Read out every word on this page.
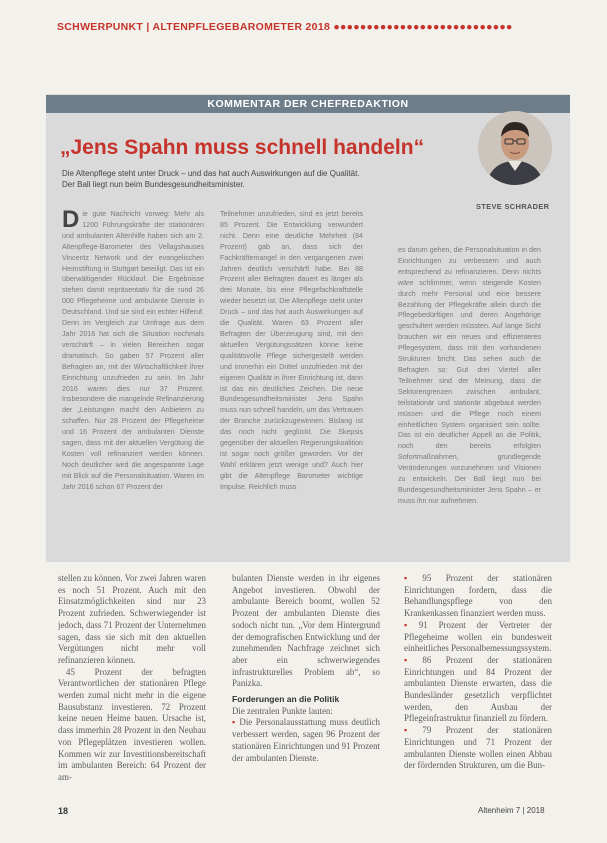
SCHWERPUNKT | ALTENPFLEGEBAROMETER 2018 ●●●●●●●●●●●●●●●●●●●●●●●●●●●
KOMMENTAR DER CHEFREDAKTION
„Jens Spahn muss schnell handeln“
Die Altenpflege steht unter Druck – und das hat auch Auswirkungen auf die Qualität. Der Ball liegt nun beim Bundesgesundheitsminister.
STEVE SCHRADER

Die gute Nachricht vorweg: Mehr als 1200 Führungskräfte der stationären und ambulanten Altenhilfe haben sich am 2. Altenpflege-Barometer des Vellagshauses Vincentz Network und der evangelischen Heimstiftung in Stuttgart beteiligt. Das ist ein überwältigender Rücklauf. Die Ergebnisse stehen damit repräsentativ für die rund 26 000 Pflegeheime und ambulante Dienste in Deutschland. Und sie sind ein echter Hilferuf. Denn im Vergleich zur Umfrage aus dem Jahr 2016 hat sich die Situation nochmals verschärft – in vielen Bereichen sogar dramatisch. So gaben 57 Prozent aller Befragten an, mit der Wirtschaftlichkeit ihrer Einrichtung unzufrieden zu sein. Im Jahr 2016 waren dies nur 37 Prozent. Insbesondere die mangelnde Refinanzierung der „Leistungen macht den Anbietern zu schaffen. Nur 28 Prozent der Pflegeheime und 16 Prozent der ambulanten Dienste sagen, dass mit der aktuellen Vergütung die Kosten voll refinanziert werden können. Noch deutlicher wird die angespannte Lage mit Blick auf die Personalsituation. Waren im Jahr 2016 schon 67 Prozent der

Teilnehmer unzufrieden, sind es jetzt bereits 85 Prozent. Die Entwicklung verwundert nicht. Denn eine deutliche Mehrheit (84 Prozent) gab an, dass sich der Fachkräftemangel in den vergangenen zwei Jahren deutlich verschärft habe. Bei 88 Prozent aller Befragten dauert es länger als drei Monate, bis eine Pflegefachkraftstelle wieder besetzt ist. Die Altenpflege steht unter Druck – und das hat auch Auswirkungen auf die Qualität. Waren 63 Prozent aller Befragten der Überzeugung sind, mit den aktuellen Vergütungssätzen könne keine qualitätsvolle Pflege sichergestellt werden und immerhin ein Drittel unzufrieden mit der eigenen Qualität in ihrer Einrichtung ist, dann ist das ein deutliches Zeichen. Die neue Bundesgesundheitsminister Jens Spahn muss nun schnell handeln, um das Vertrauen der Branche zurückzugewinnen. Bislang ist das noch nicht geglückt. Die Skepsis gegenüber der aktuellen Regierungskoalition ist sogar noch größer geworden. Vor der Wahl erklären jetzt wenige und? Auch hier gibt die Altenpflege Barometer wichtige Impulse. Reichlich muss

es darum gehen, die Personalsituation in den Einrichtungen zu verbessern und auch entsprechend zu refinanzieren. Denn nichts wäre schlimmer, wenn steigende Kosten durch mehr Personal und eine bessere Bezahlung der Pflegekräfte allein durch die Pflegebedürftigen und deren Angehörige geschultert werden müssten. Auf lange Sicht brauchen wir ein neues und effizienteres Pflegesystem, dass mit den vorhandenen Strukturen bricht. Das sehen auch die Befragten so: Gut drei Viertel aller Teilnehmer sind der Meinung, dass die Sektorengrenzen zwischen ambulant, teilstationär und stationär abgebaut werden müssen und die Pflege noch einem einheitlichen System organisiert sein sollte. Das ist ein deutlicher Appell an die Politik, noch den bereits erfolgten Sofortmaßnahmen, grundlegende Veränderungen vorzunehmen und Visionen zu entwickeln. Der Ball liegt nun bei Bundesgesundheitsminister Jens Spahn – er muss ihn nur aufnehmen.

stellen zu können. Vor zwei Jahren waren es noch 51 Prozent. Auch mit den Einsatzmöglichkeiten sind nur 23 Prozent zufrieden. Schwerwiegender ist jedoch, dass 71 Prozent der Unternehmen sagen, dass sie sich mit den aktuellen Vergütungen nicht mehr voll refinanzieren können.

45 Prozent der befragten Verantwortlichen der stationären Pflege werden zumal nicht mehr in die eigene Bausubstanz investieren. 72 Prozent keine neuen Heime bauen. Ursache ist, dass immerhin 28 Prozent in den Neubau von Pflegeplätzen investieren wollen. Kommen wir zur Investitionsbereitschaft im ambulanten Bereich: 64 Prozent der am-

bulanten Dienste werden in ihr eigenes Angebot investieren. Obwohl der ambulante Bereich boomt, wollen 52 Prozent der ambulanten Dienste dies sodoch nicht tun. „Vor dem Hintergrund der demografischen Entwicklung und der zunehmenden Nachfrage zeichnet sich aber ein schwerwiegendes infrastrukturelles Problem ab“, so Panizka.

Forderungen an die Politik

Die zentralen Punkte lauten:

▪ Die Personalausstattung muss deutlich verbessert werden, sagen 96 Prozent der stationären Einrichtungen und 91 Prozent der ambulanten Dienste.

▪ 95 Prozent der stationären Einrichtungen fordern, dass die Behandlungspflege von den Krankenkassen finanziert werden muss.

▪ 91 Prozent der Vertreter der Pflegeheime wollen ein bundesweit einheitliches Personalbemessungssystem.

▪ 86 Prozent der stationären Einrichtungen und 84 Prozent der ambulanten Dienste erwarten, dass die Bundesländer gesetzlich verpflichtet werden, den Ausbau der Pflegeinfrastruktur finanziell zu fördern.

▪ 79 Prozent der stationären Einrichtungen und 71 Prozent der ambulanten Dienste wollen einen Abbau der fördernden Strukturen, um die Bun-

18	Altenheim 7 | 2018
